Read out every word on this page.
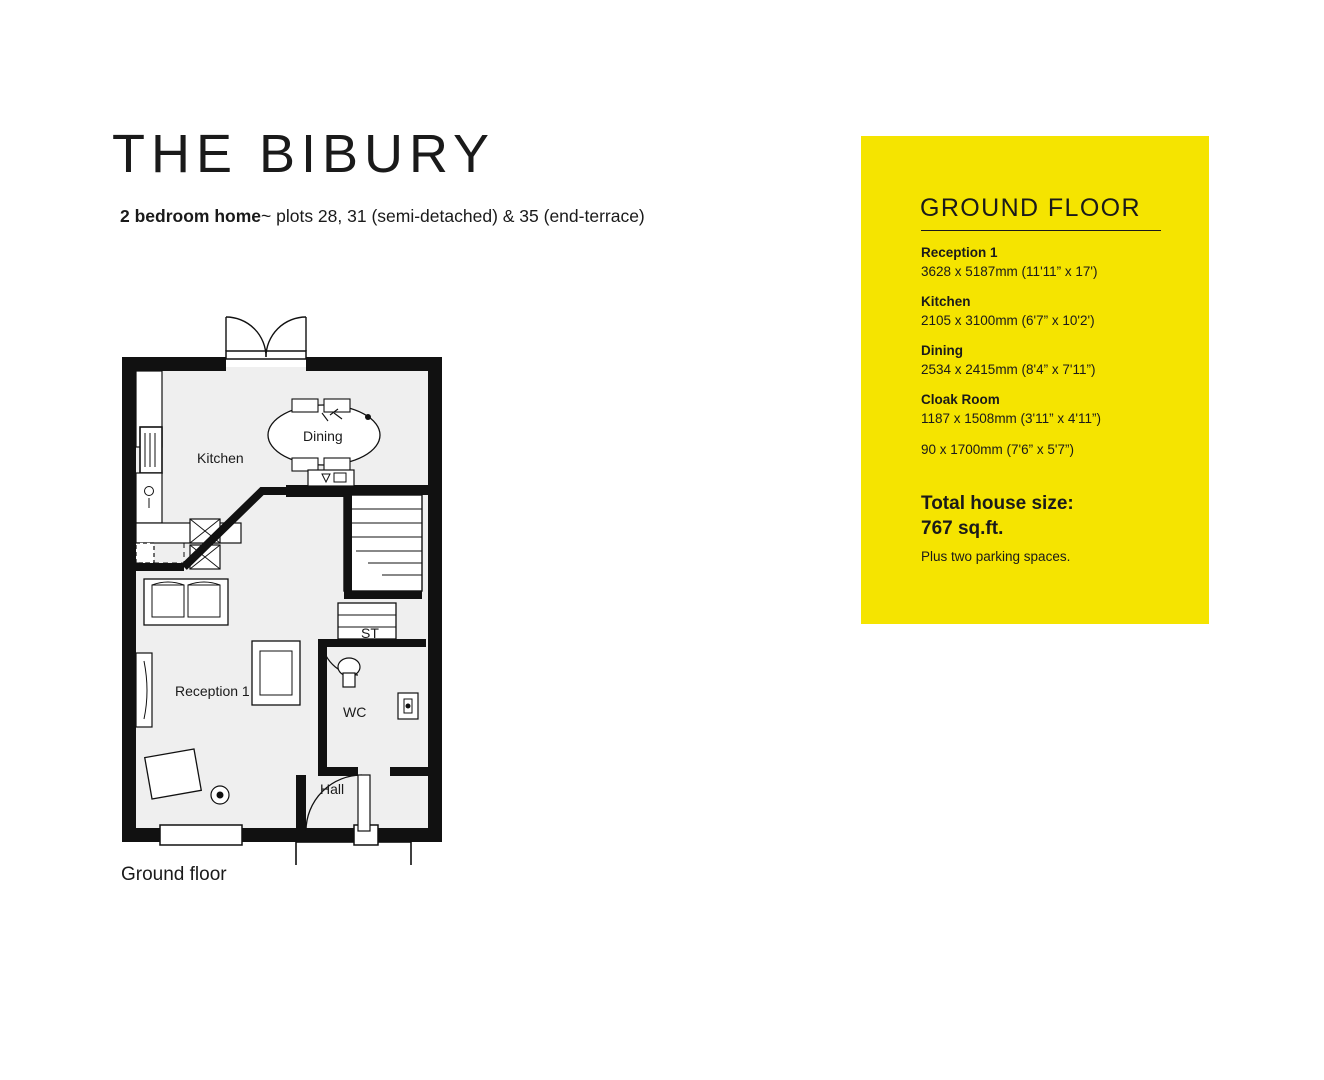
THE BIBURY
2 bedroom home~ plots 28, 31 (semi-detached) & 35 (end-terrace)
Kitchen
Dining
Reception 1
ST
WC
Hall
Ground floor
GROUND FLOOR
Reception 1
3628 x 5187mm (11'11” x 17')
Kitchen
2105 x 3100mm (6'7” x 10'2')
Dining
2534 x 2415mm (8'4” x 7'11”)
Cloak Room
1187 x 1508mm (3'11” x 4'11”)
90 x 1700mm (7'6” x 5'7”)
Total house size:
767 sq.ft.
Plus two parking spaces.
